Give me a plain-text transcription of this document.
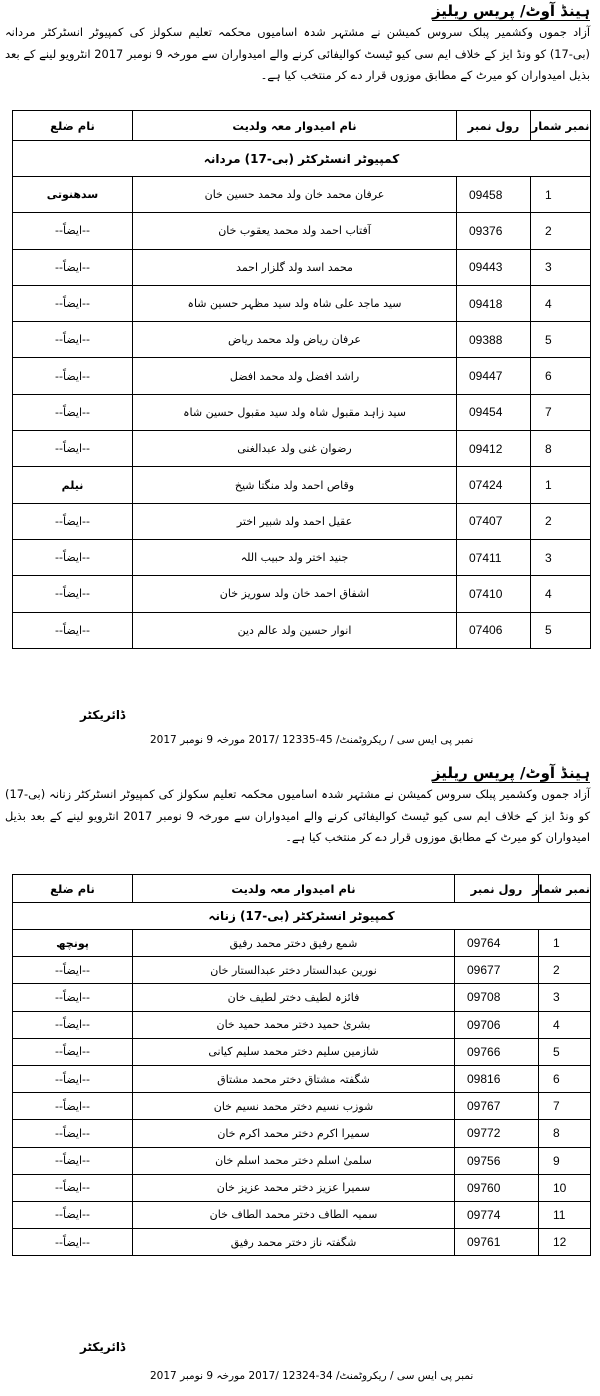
ہینڈ آوٹ/ پریس ریلیز
آزاد جموں وکشمیر پبلک سروس کمیشن نے مشتہر شدہ اسامیوں محکمہ تعلیم سکولز کی کمپیوٹر انسٹرکٹر مردانہ (بی-17) کو ونڈ ایز کے خلاف ایم سی کیو ٹیسٹ کوالیفائی کرنے والے امیدواران سے مورخہ 9 نومبر 2017 انٹرویو لینے کے بعد بذیل امیدواران کو میرٹ کے مطابق موزوں قرار دے کر منتخب کیا ہے۔
نمبر شمار	رول نمبر	نام امیدوار معہ ولدیت	نام ضلع
کمپیوٹر انسٹرکٹر (بی-17) مردانہ			
1	09458	عرفان محمد خان ولد محمد حسین خان	سدھنوتی
2	09376	آفتاب احمد ولد محمد یعقوب خان	--ایضاً--
3	09443	محمد اسد ولد گلزار احمد	--ایضاً--
4	09418	سید ماجد علی شاہ ولد سید مظہر حسین شاہ	--ایضاً--
5	09388	عرفان ریاض ولد محمد ریاض	--ایضاً--
6	09447	راشد افضل ولد محمد افضل	--ایضاً--
7	09454	سید زاہد مقبول شاہ ولد سید مقبول حسین شاہ	--ایضاً--
8	09412	رضوان غنی ولد عبدالغنی	--ایضاً--
1	07424	وقاص احمد ولد منگتا شیخ	نیلم
2	07407	عقیل احمد ولد شبیر اختر	--ایضاً--
3	07411	جنید اختر ولد حبیب اللہ	--ایضاً--
4	07410	اشفاق احمد خان ولد سوریز خان	--ایضاً--
5	07406	انوار حسین ولد عالم دین	--ایضاً--
ڈائریکٹر
نمبر پی ایس سی / ریکروٹمنٹ/ 45-12335 /2017 مورخہ 9 نومبر 2017
ہینڈ آوٹ/ پریس ریلیز
آزاد جموں وکشمیر پبلک سروس کمیشن نے مشتہر شدہ اسامیوں محکمہ تعلیم سکولز کی کمپیوٹر انسٹرکٹر زنانہ (بی-17) کو ونڈ ایز کے خلاف ایم سی کیو ٹیسٹ کوالیفائی کرنے والے امیدواران سے مورخہ 9 نومبر 2017 انٹرویو لینے کے بعد بذیل امیدواران کو میرٹ کے مطابق موزوں قرار دے کر منتخب کیا ہے۔
نمبر شمار	رول نمبر	نام امیدوار معہ ولدیت	نام ضلع
کمپیوٹر انسٹرکٹر (بی-17) زنانہ			
1	09764	شمع رفیق دختر محمد رفیق	پونچھ
2	09677	نورین عبدالستار دختر عبدالستار خان	--ایضاً--
3	09708	فائزہ لطیف دختر لطیف خان	--ایضاً--
4	09706	بشریٰ حمید دختر محمد حمید خان	--ایضاً--
5	09766	شازمین سلیم دختر محمد سلیم کیانی	--ایضاً--
6	09816	شگفتہ مشتاق دختر محمد مشتاق	--ایضاً--
7	09767	شوزب نسیم دختر محمد نسیم خان	--ایضاً--
8	09772	سمیرا اکرم دختر محمد اکرم خان	--ایضاً--
9	09756	سلمیٰ اسلم دختر محمد اسلم خان	--ایضاً--
10	09760	سمیرا عزیز دختر محمد عزیز خان	--ایضاً--
11	09774	سمیہ الطاف دختر محمد الطاف خان	--ایضاً--
12	09761	شگفتہ ناز دختر محمد رفیق	--ایضاً--
ڈائریکٹر
نمبر پی ایس سی / ریکروٹمنٹ/ 34-12324 /2017 مورخہ 9 نومبر 2017
